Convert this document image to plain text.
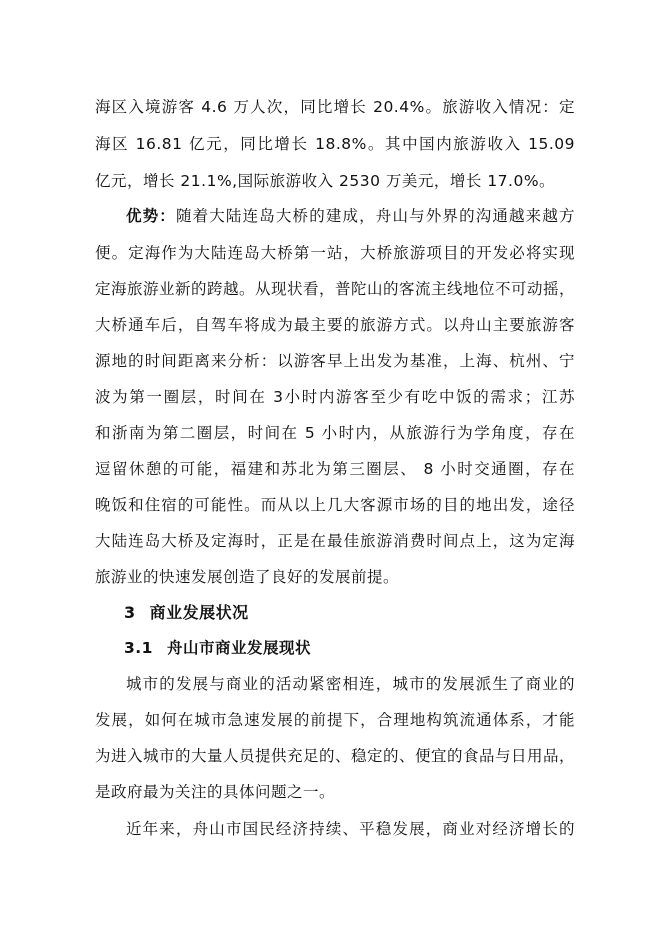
海区入境游客 4.6 万人次，同比增长 20.4%。旅游收入情况：定
海区 16.81 亿元，同比增长 18.8%。其中国内旅游收入 15.09
亿元，增长 21.1%,国际旅游收入 2530 万美元，增长 17.0%。
优势：随着大陆连岛大桥的建成，舟山与外界的沟通越来越方
便。定海作为大陆连岛大桥第一站，大桥旅游项目的开发必将实现
定海旅游业新的跨越。从现状看，普陀山的客流主线地位不可动摇，
大桥通车后，自驾车将成为最主要的旅游方式。以舟山主要旅游客
源地的时间距离来分析：以游客早上出发为基准，上海、杭州、宁
波为第一圈层，时间在 3小时内游客至少有吃中饭的需求；江苏
和浙南为第二圈层，时间在 5 小时内，从旅游行为学角度，存在
逗留休憩的可能，福建和苏北为第三圈层、 8 小时交通圈，存在
晚饭和住宿的可能性。而从以上几大客源市场的目的地出发，途径
大陆连岛大桥及定海时，正是在最佳旅游消费时间点上，这为定海
旅游业的快速发展创造了良好的发展前提。
3 商业发展状况
3.1 舟山市商业发展现状
城市的发展与商业的活动紧密相连，城市的发展派生了商业的
发展，如何在城市急速发展的前提下，合理地构筑流通体系，才能
为进入城市的大量人员提供充足的、稳定的、便宜的食品与日用品，
是政府最为关注的具体问题之一。
近年来，舟山市国民经济持续、平稳发展，商业对经济增长的
